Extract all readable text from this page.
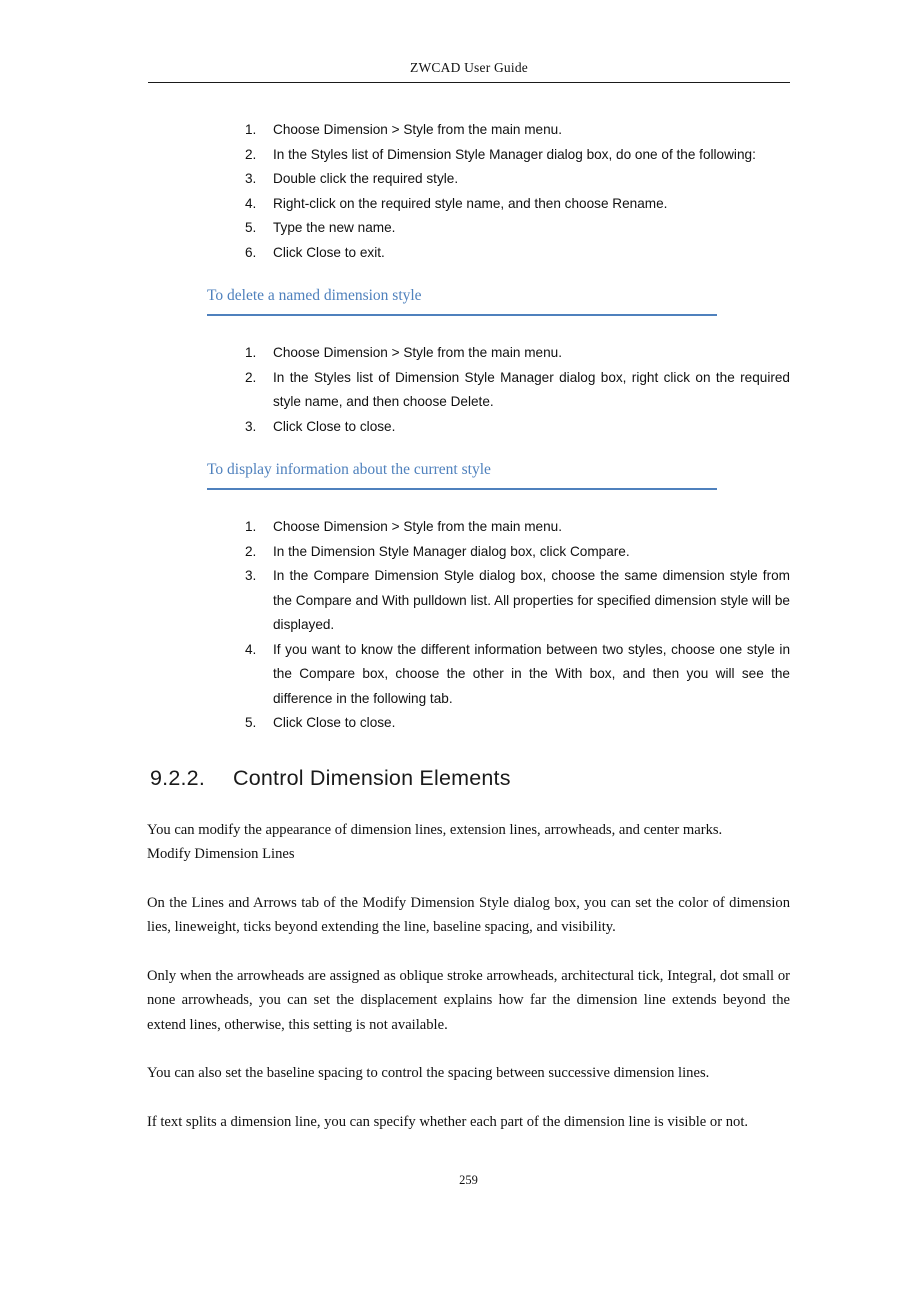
ZWCAD User Guide
1.	Choose Dimension > Style from the main menu.
2.	In the Styles list of Dimension Style Manager dialog box, do one of the following:
3.	Double click the required style.
4.	Right-click on the required style name, and then choose Rename.
5.	Type the new name.
6.	Click Close to exit.
To delete a named dimension style
1.	Choose Dimension > Style from the main menu.
2.	In the Styles list of Dimension Style Manager dialog box, right click on the required style name, and then choose Delete.
3.	Click Close to close.
To display information about the current style
1.	Choose Dimension > Style from the main menu.
2.	In the Dimension Style Manager dialog box, click Compare.
3.	In the Compare Dimension Style dialog box, choose the same dimension style from the Compare and With pulldown list. All properties for specified dimension style will be displayed.
4.	If you want to know the different information between two styles, choose one style in the Compare box, choose the other in the With box, and then you will see the difference in the following tab.
5.	Click Close to close.
9.2.2.	Control Dimension Elements
You can modify the appearance of dimension lines, extension lines, arrowheads, and center marks.
Modify Dimension Lines
On the Lines and Arrows tab of the Modify Dimension Style dialog box, you can set the color of dimension lies, lineweight, ticks beyond extending the line, baseline spacing, and visibility.
Only when the arrowheads are assigned as oblique stroke arrowheads, architectural tick, Integral, dot small or none arrowheads, you can set the displacement explains how far the dimension line extends beyond the extend lines, otherwise, this setting is not available.
You can also set the baseline spacing to control the spacing between successive dimension lines.
If text splits a dimension line, you can specify whether each part of the dimension line is visible or not.
259
